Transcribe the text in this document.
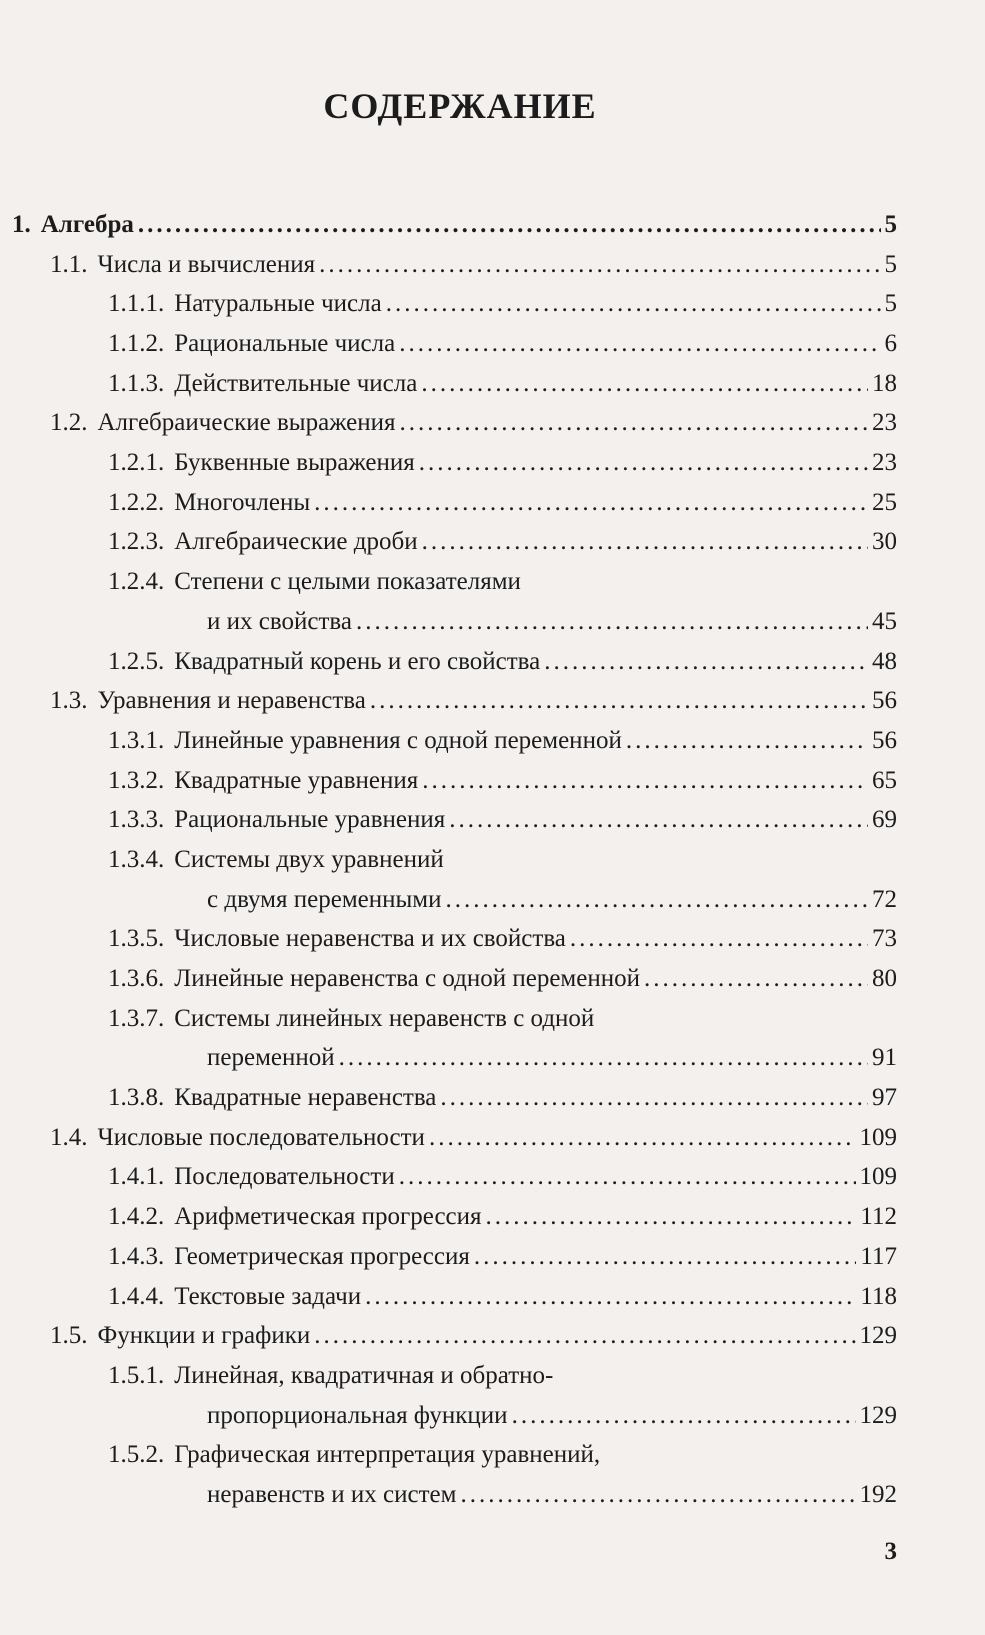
СОДЕРЖАНИЕ
1. Алгебра .....	5
1.1. Числа и вычисления .....	5
1.1.1. Натуральные числа .....	5
1.1.2. Рациональные числа .....	6
1.1.3. Действительные числа .....	18
1.2. Алгебраические выражения .....	23
1.2.1. Буквенные выражения .....	23
1.2.2. Многочлены .....	25
1.2.3. Алгебраические дроби .....	30
1.2.4. Степени с целыми показателями
и их свойства .....	45
1.2.5. Квадратный корень и его свойства .....	48
1.3. Уравнения и неравенства .....	56
1.3.1. Линейные уравнения с одной переменной .....	56
1.3.2. Квадратные уравнения .....	65
1.3.3. Рациональные уравнения .....	69
1.3.4. Системы двух уравнений
с двумя переменными .....	72
1.3.5. Числовые неравенства и их свойства .....	73
1.3.6. Линейные неравенства с одной переменной .....	80
1.3.7. Системы линейных неравенств с одной
переменной .....	91
1.3.8. Квадратные неравенства .....	97
1.4. Числовые последовательности .....	109
1.4.1. Последовательности .....	109
1.4.2. Арифметическая прогрессия .....	112
1.4.3. Геометрическая прогрессия .....	117
1.4.4. Текстовые задачи .....	118
1.5. Функции и графики .....	129
1.5.1. Линейная, квадратичная и обратно-
пропорциональная функции .....	129
1.5.2. Графическая интерпретация уравнений,
неравенств и их систем .....	192
3
